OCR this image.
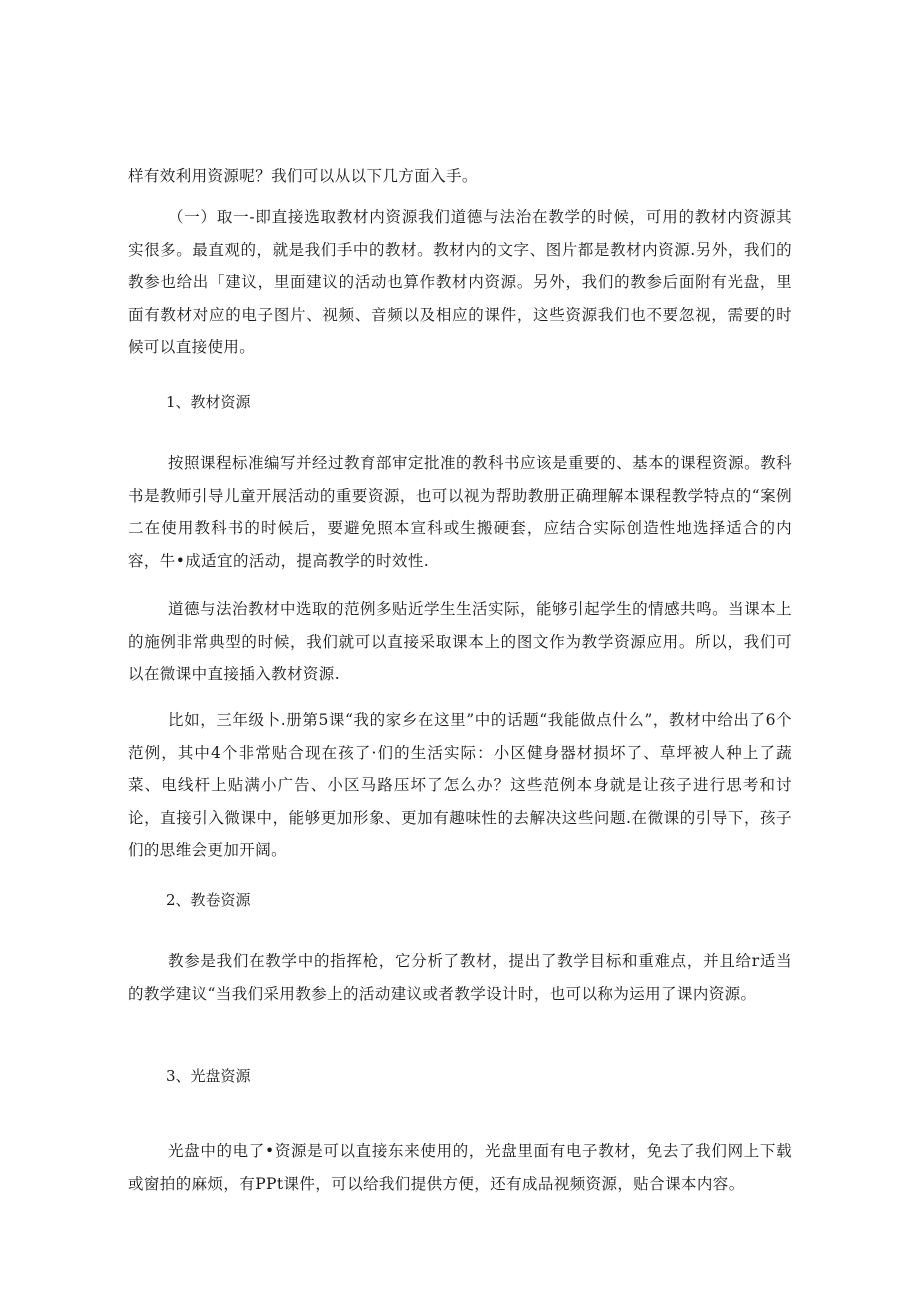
样有效利用资源呢？我们可以从以下几方面入手。

（一）取一-即直接选取教材内资源我们道德与法治在教学的时候，可用的教材内资源其实很多。最直观的，就是我们手中的教材。教材内的文字、图片都是教材内资源.另外，我们的教参也给出「建议，里面建议的活动也算作教材内资源。另外，我们的教参后面附有光盘，里面有教材对应的电子图片、视频、音频以及相应的课件，这些资源我们也不要忽视，需要的时候可以直接使用。

1、教材资源

按照课程标准编写并经过教育部审定批准的教科书应该是重要的、基本的课程资源。教科书是教师引导儿童开展活动的重要资源，也可以视为帮助教册正确理解本课程教学特点的“案例二在使用教科书的时候后，要避免照本宣科或生搬硬套，应结合实际创造性地选择适合的内容，牛•成适宜的活动，提高教学的时效性.

道德与法治教材中选取的范例多贴近学生生活实际，能够引起学生的情感共鸣。当课本上的施例非常典型的时候，我们就可以直接采取课本上的图文作为教学资源应用。所以，我们可以在微课中直接插入教材资源.

比如，三年级卜.册第5课“我的家乡在这里”中的话题“我能做点什么”，教材中给出了6个范例，其中4个非常贴合现在孩了·们的生活实际：小区健身器材损坏了、草坪被人种上了蔬菜、电线杆上贴满小广告、小区马路压坏了怎么办？这些范例本身就是让孩子进行思考和讨论，直接引入微课中，能够更加形象、更加有趣味性的去解决这些问题.在微课的引导下，孩子们的思维会更加开阔。

2、教卷资源

教参是我们在教学中的指挥枪，它分析了教材，提出了教学目标和重难点，并且给r适当的教学建议“当我们采用教参上的活动建议或者教学设计时，也可以称为运用了课内资源。

3、光盘资源

光盘中的电了•资源是可以直接东来使用的，光盘里面有电子教材，免去了我们网上下载或窗拍的麻烦，有PPt课件，可以给我们提供方便，还有成品视频资源，贴合课本内容。
